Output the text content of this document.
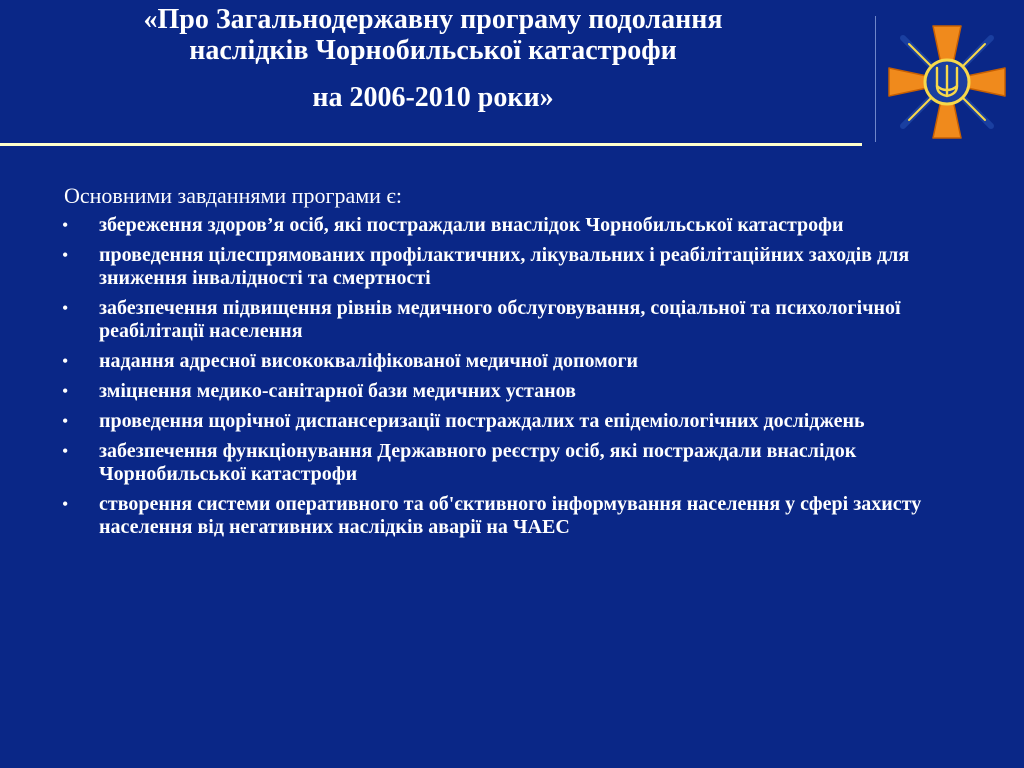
«Про Загальнодержавну програму подолання
наслідків Чорнобильської катастрофи
на 2006-2010 роки»
Основними завданнями програми є:
• збереження здоров’я осіб, які постраждали внаслідок Чорнобильської катастрофи
• проведення цілеспрямованих профілактичних, лікувальних і реабілітаційних заходів для зниження інвалідності та смертності
• забезпечення підвищення рівнів медичного обслуговування, соціальної та психологічної реабілітації населення
• надання адресної висококваліфікованої медичної допомоги
• зміцнення медико-санітарної бази медичних установ
• проведення щорічної диспансеризації постраждалих та епідеміологічних досліджень
• забезпечення функціонування Державного реєстру осіб, які постраждали внаслідок Чорнобильської катастрофи
• створення системи оперативного та об'єктивного інформування населення у сфері захисту населення від негативних наслідків аварії на ЧАЕС
